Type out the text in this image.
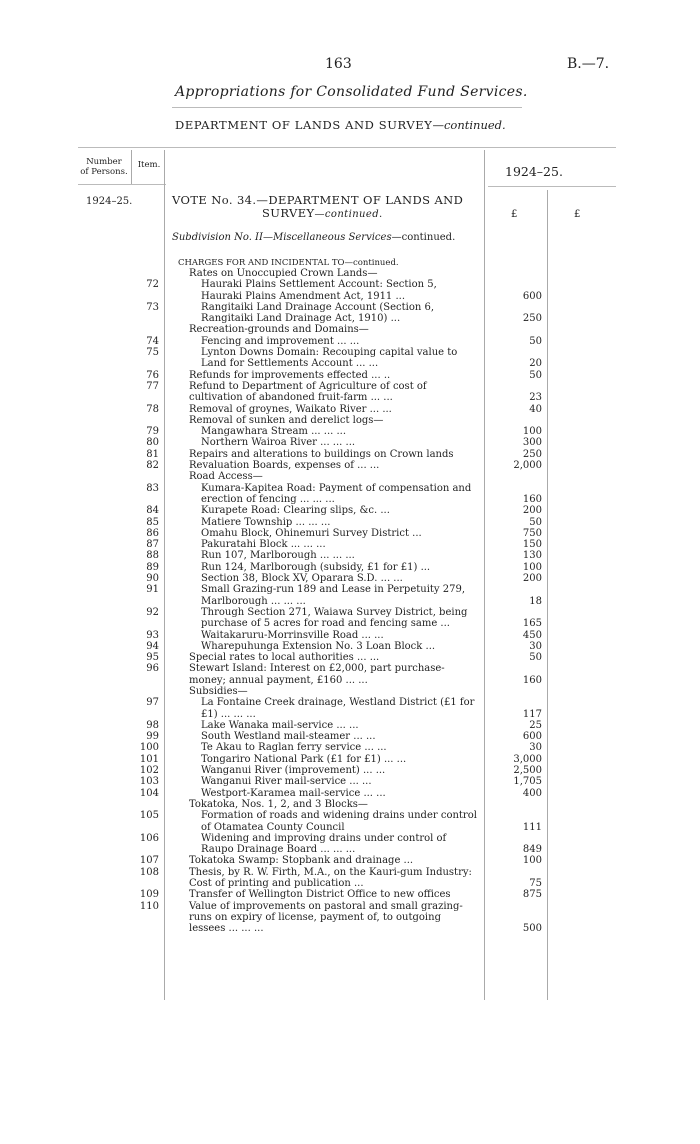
163	B.—7.
Appropriations for Consolidated Fund Services.
DEPARTMENT OF LANDS AND SURVEY—continued.
Number
of Persons.
Item.	1924–25.
1924–25.	VOTE No. 34.—DEPARTMENT OF LANDS AND
SURVEY—continued.	£	£
Subdivision No. II—Miscellaneous Services—continued.
CHARGES FOR AND INCIDENTAL TO—continued.
Rates on Unoccupied Crown Lands—
72	Hauraki Plains Settlement Account: Section 5, Hauraki Plains Amendment Act, 1911 ...	600
73	Rangitaiki Land Drainage Account (Section 6, Rangitaiki Land Drainage Act, 1910) ...	250
Recreation-grounds and Domains—
74	Fencing and improvement ... ...	50
75	Lynton Downs Domain: Recouping capital value to Land for Settlements Account ... ...	20
76	Refunds for improvements effected ... ..	50
77	Refund to Department of Agriculture of cost of cultivation of abandoned fruit-farm ... ...	23
78	Removal of groynes, Waikato River ... ...	40
Removal of sunken and derelict logs—
79	Mangawhara Stream ... ... ...	100
80	Northern Wairoa River ... ... ...	300
81	Repairs and alterations to buildings on Crown lands	250
82	Revaluation Boards, expenses of ... ...	2,000
Road Access—
83	Kumara-Kapitea Road: Payment of compensation and erection of fencing ... ... ...	160
84	Kurapete Road: Clearing slips, &c. ...	200
85	Matiere Township ... ... ...	50
86	Omahu Block, Ohinemuri Survey District ...	750
87	Pakuratahi Block ... ... ...	150
88	Run 107, Marlborough ... ... ...	130
89	Run 124, Marlborough (subsidy, £1 for £1) ...	100
90	Section 38, Block XV, Oparara S.D. ... ...	200
91	Small Grazing-run 189 and Lease in Perpetuity 279, Marlborough ... ... ...	18
92	Through Section 271, Waiawa Survey District, being purchase of 5 acres for road and fencing same ...	165
93	Waitakaruru-Morrinsville Road ... ...	450
94	Wharepuhunga Extension No. 3 Loan Block ...	30
95	Special rates to local authorities ... ...	50
96	Stewart Island: Interest on £2,000, part purchase-money; annual payment, £160 ... ...	160
Subsidies—
97	La Fontaine Creek drainage, Westland District (£1 for £1) ... ... ...	117
98	Lake Wanaka mail-service ... ...	25
99	South Westland mail-steamer ... ...	600
100	Te Akau to Raglan ferry service ... ...	30
101	Tongariro National Park (£1 for £1) ... ...	3,000
102	Wanganui River (improvement) ... ...	2,500
103	Wanganui River mail-service ... ...	1,705
104	Westport-Karamea mail-service ... ...	400
Tokatoka, Nos. 1, 2, and 3 Blocks—
105	Formation of roads and widening drains under control of Otamatea County Council	111
106	Widening and improving drains under control of Raupo Drainage Board ... ... ...	849
107	Tokatoka Swamp: Stopbank and drainage ...	100
108	Thesis, by R. W. Firth, M.A., on the Kauri-gum Industry: Cost of printing and publication ...	75
109	Transfer of Wellington District Office to new offices	875
110	Value of improvements on pastoral and small grazing-runs on expiry of license, payment of, to outgoing lessees ... ... ...	500
